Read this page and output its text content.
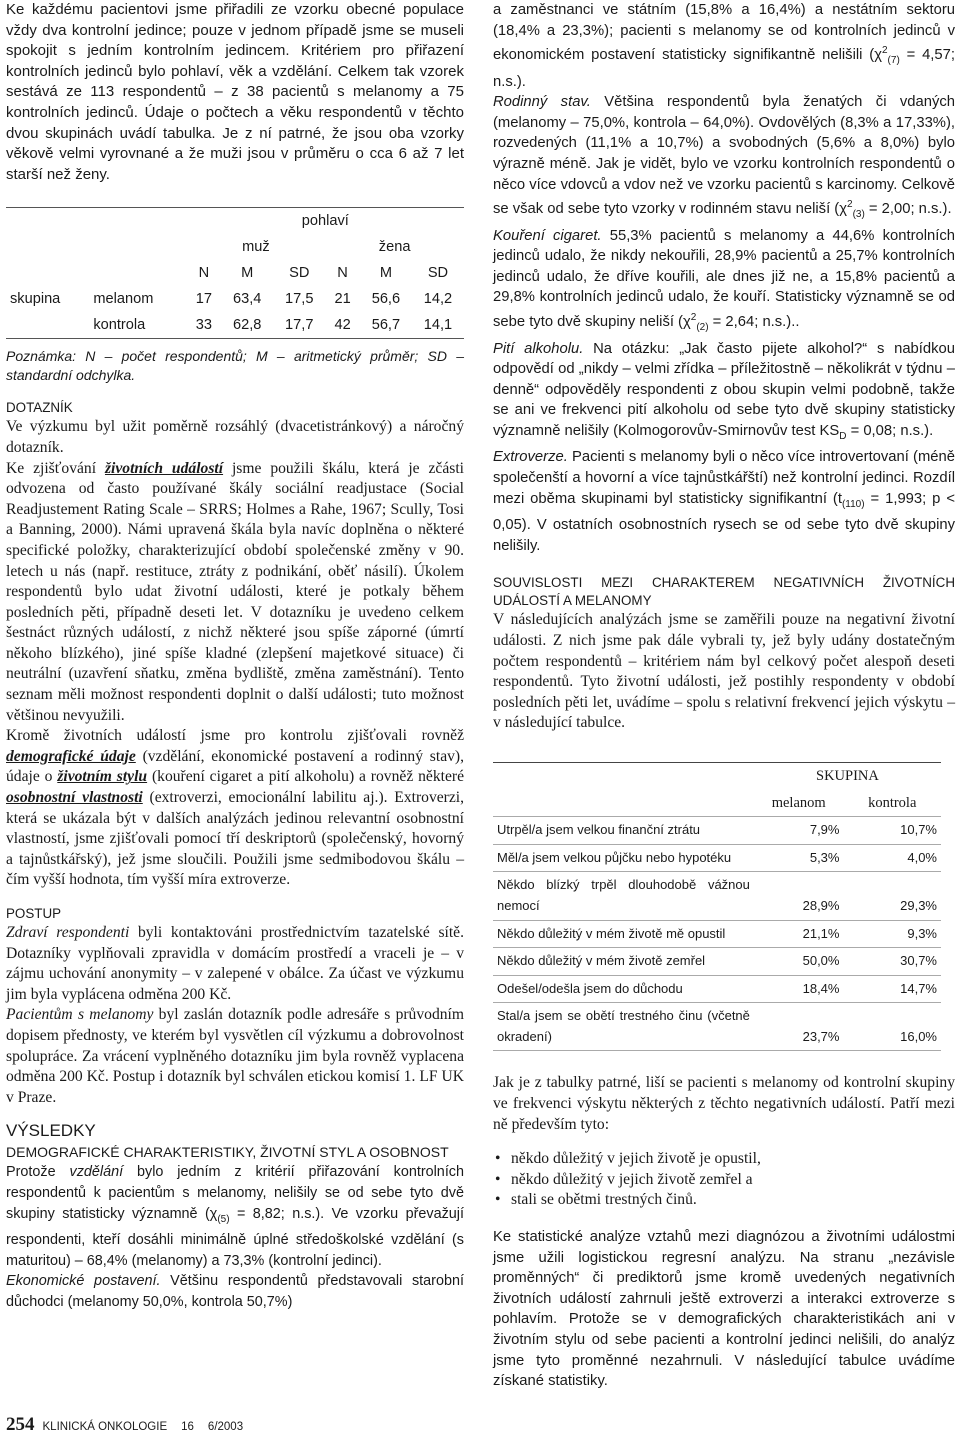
Ke každému pacientovi jsme přiřadili ze vzorku obecné populace vždy dva kontrolní jedince; pouze v jednom případě jsme se museli spokojit s jedním kontrolním jedincem. Kritériem pro přiřazení kontrolních jedinců bylo pohlaví, věk a vzdělání. Celkem tak vzorek sestává ze 113 respondentů – z 38 pacientů s melanomy a 75 kontrolních jedinců. Údaje o počtech a věku respondentů v těchto dvou skupinách uvádí tabulka. Je z ní patrné, že jsou oba vzorky věkově velmi vyrovnané a že muži jsou v průměru o cca 6 až 7 let starší než ženy.

		pohlaví					
		muž			žena		
		N	M	SD	N	M	SD
skupina	melanom	17	63,4	17,5	21	56,6	14,2
	kontrola	33	62,8	17,7	42	56,7	14,1

Poznámka: N – počet respondentů; M – aritmetický průměr; SD – standardní odchylka.

DOTAZNÍK

Ve výzkumu byl užit poměrně rozsáhlý (dvacetistránkový) a náročný dotazník.

Ke zjišťování životních událostí jsme použili škálu, která je zčásti odvozena od často používané škály sociální readjustace (Social Readjustement Rating Scale – SRRS; Holmes a Rahe, 1967; Scully, Tosi a Banning, 2000). Námi upravená škála byla navíc doplněna o některé specifické položky, charakterizující období společenské změny v 90. letech u nás (např. restituce, ztráty z podnikání, oběť násilí). Úkolem respondentů bylo udat životní události, které je potkaly během posledních pěti, případně deseti let. V dotazníku je uvedeno celkem šestnáct různých událostí, z nichž některé jsou spíše záporné (úmrtí někoho blízkého), jiné spíše kladné (zlepšení majetkové situace) či neutrální (uzavření sňatku, změna bydliště, změna zaměstnání). Tento seznam měli možnost respondenti doplnit o další události; tuto možnost většinou nevyužili.

Kromě životních událostí jsme pro kontrolu zjišťovali rovněž demografické údaje (vzdělání, ekonomické postavení a rodinný stav), údaje o životním stylu (kouření cigaret a pití alkoholu) a rovněž některé osobnostní vlastnosti (extroverzi, emocionální labilitu aj.). Extroverzi, která se ukázala být v dalších analýzách jedinou relevantní osobnostní vlastností, jsme zjišťovali pomocí tří deskriptorů (společenský, hovorný a tajnůstkářský), jež jsme sloučili. Použili jsme sedmibodovou škálu – čím vyšší hodnota, tím vyšší míra extroverze.

POSTUP

Zdraví respondenti byli kontaktováni prostřednictvím tazatelské sítě. Dotazníky vyplňovali zpravidla v domácím prostředí a vraceli je – v zájmu uchování anonymity – v zalepené v obálce. Za účast ve výzkumu jim byla vyplácena odměna 200 Kč.

Pacientům s melanomy byl zaslán dotazník podle adresáře s průvodním dopisem přednosty, ve kterém byl vysvětlen cíl výzkumu a dobrovolnost spolupráce. Za vrácení vyplněného dotazníku jim byla rovněž vyplacena odměna 200 Kč. Postup i dotazník byl schválen etickou komisí 1. LF UK v Praze.

VÝSLEDKY

DEMOGRAFICKÉ CHARAKTERISTIKY, ŽIVOTNÍ STYL A OSOBNOST

Protože vzdělání bylo jedním z kritérií přiřazování kontrolních respondentů k pacientům s melanomy, nelišily se od sebe tyto dvě skupiny statisticky významně ($\chi_{(5)} = 8,82$; n.s.). Ve vzorku převažují respondenti, kteří dosáhli minimálně úplné středoškolské vzdělání (s maturitou) – 68,4% (melanomy) a 73,3% (kontrolní jedinci).

Ekonomické postavení. Většinu respondentů představovali starobní důchodci (melanomy 50,0%, kontrola 50,7%)

a zaměstnanci ve státním (15,8% a 16,4%) a nestátním sektoru (18,4% a 23,3%); pacienti s melanomy se od kontrolních jedinců v ekonomickém postavení statisticky signifikantně nelišili ($\chi^2_{(7)} = 4,57$; n.s.).

Rodinný stav. Většina respondentů byla ženatých či vdaných (melanomy – 75,0%, kontrola – 64,0%). Ovdovělých (8,3% a 17,33%), rozvedených (11,1% a 10,7%) a svobodných (5,6% a 8,0%) bylo výrazně méně. Jak je vidět, bylo ve vzorku kontrolních respondentů o něco více vdovců a vdov než ve vzorku pacientů s karcinomy. Celkově se však od sebe tyto vzorky v rodinném stavu neliší ($\chi^2_{(3)} = 2,00$; n.s.).

Kouření cigaret. 55,3% pacientů s melanomy a 44,6% kontrolních jedinců udalo, že nikdy nekouřili, 28,9% pacientů a 25,7% kontrolních jedinců udalo, že dříve kouřili, ale dnes již ne, a 15,8% pacientů a 29,8% kontrolních jedinců udalo, že kouří. Statisticky významně se od sebe tyto dvě skupiny neliší ($\chi^2_{(2)} = 2,64$; n.s.)..

Pití alkoholu. Na otázku: „Jak často pijete alkohol?“ s nabídkou odpovědí od „nikdy – velmi zřídka – příležitostně – několikrát v týdnu – denně“ odpověděly respondenti z obou skupin velmi podobně, takže se ani ve frekvenci pití alkoholu od sebe tyto dvě skupiny statisticky významně nelišily (Kolmogorovův-Smirnovův test $KS_D = 0,08$; n.s.).

Extroverze. Pacienti s melanomy byli o něco více introvertovaní (méně společenští a hovorní a více tajnůstkářští) než kontrolní jedinci. Rozdíl mezi oběma skupinami byl statisticky signifikantní ($t_{(110)} = 1,993$; p < 0,05). V ostatních osobnostních rysech se od sebe tyto dvě skupiny nelišily.

SOUVISLOSTI MEZI CHARAKTEREM NEGATIVNÍCH ŽIVOTNÍCH UDÁLOSTÍ A MELANOMY

V následujících analýzách jsme se zaměřili pouze na negativní životní události. Z nich jsme pak dále vybrali ty, jež byly udány dostatečným počtem respondentů – kritériem nám byl celkový počet alespoň deseti respondentů. Tyto životní události, jež postihly respondenty v období posledních pěti let, uvádíme – spolu s relativní frekvencí jejich výskytu – v následující tabulce.

	SKUPINA	
	melanom	kontrola
Utrpěl/a jsem velkou finanční ztrátu	7,9%	10,7%
Měl/a jsem velkou půjčku nebo hypotéku	5,3%	4,0%
Někdo blízký trpěl dlouhodobě vážnou nemocí	28,9%	29,3%
Někdo důležitý v mém životě mě opustil	21,1%	9,3%
Někdo důležitý v mém životě zemřel	50,0%	30,7%
Odešel/odešla jsem do důchodu	18,4%	14,7%
Stal/a jsem se obětí trestného činu (včetně okradení)	23,7%	16,0%

Jak je z tabulky patrné, liší se pacienti s melanomy od kontrolní skupiny ve frekvenci výskytu některých z těchto negativních událostí. Patří mezi ně především tyto:

• někdo důležitý v jejich životě je opustil,
• někdo důležitý v jejich životě zemřel a
• stali se obětmi trestných činů.

Ke statistické analýze vztahů mezi diagnózou a životními událostmi jsme užili logistickou regresní analýzu. Na stranu „nezávisle proměnných“ či prediktorů jsme kromě uvedených negativních životních událostí zahrnuli ještě extroverzi a interakci extroverze s pohlavím. Protože se v demografických charakteristikách ani v životním stylu od sebe pacienti a kontrolní jedinci nelišili, do analýz jsme tyto proměnné nezahrnuli. V následující tabulce uvádíme získané statistiky.

254 KLINICKÁ ONKOLOGIE 16 6/2003
